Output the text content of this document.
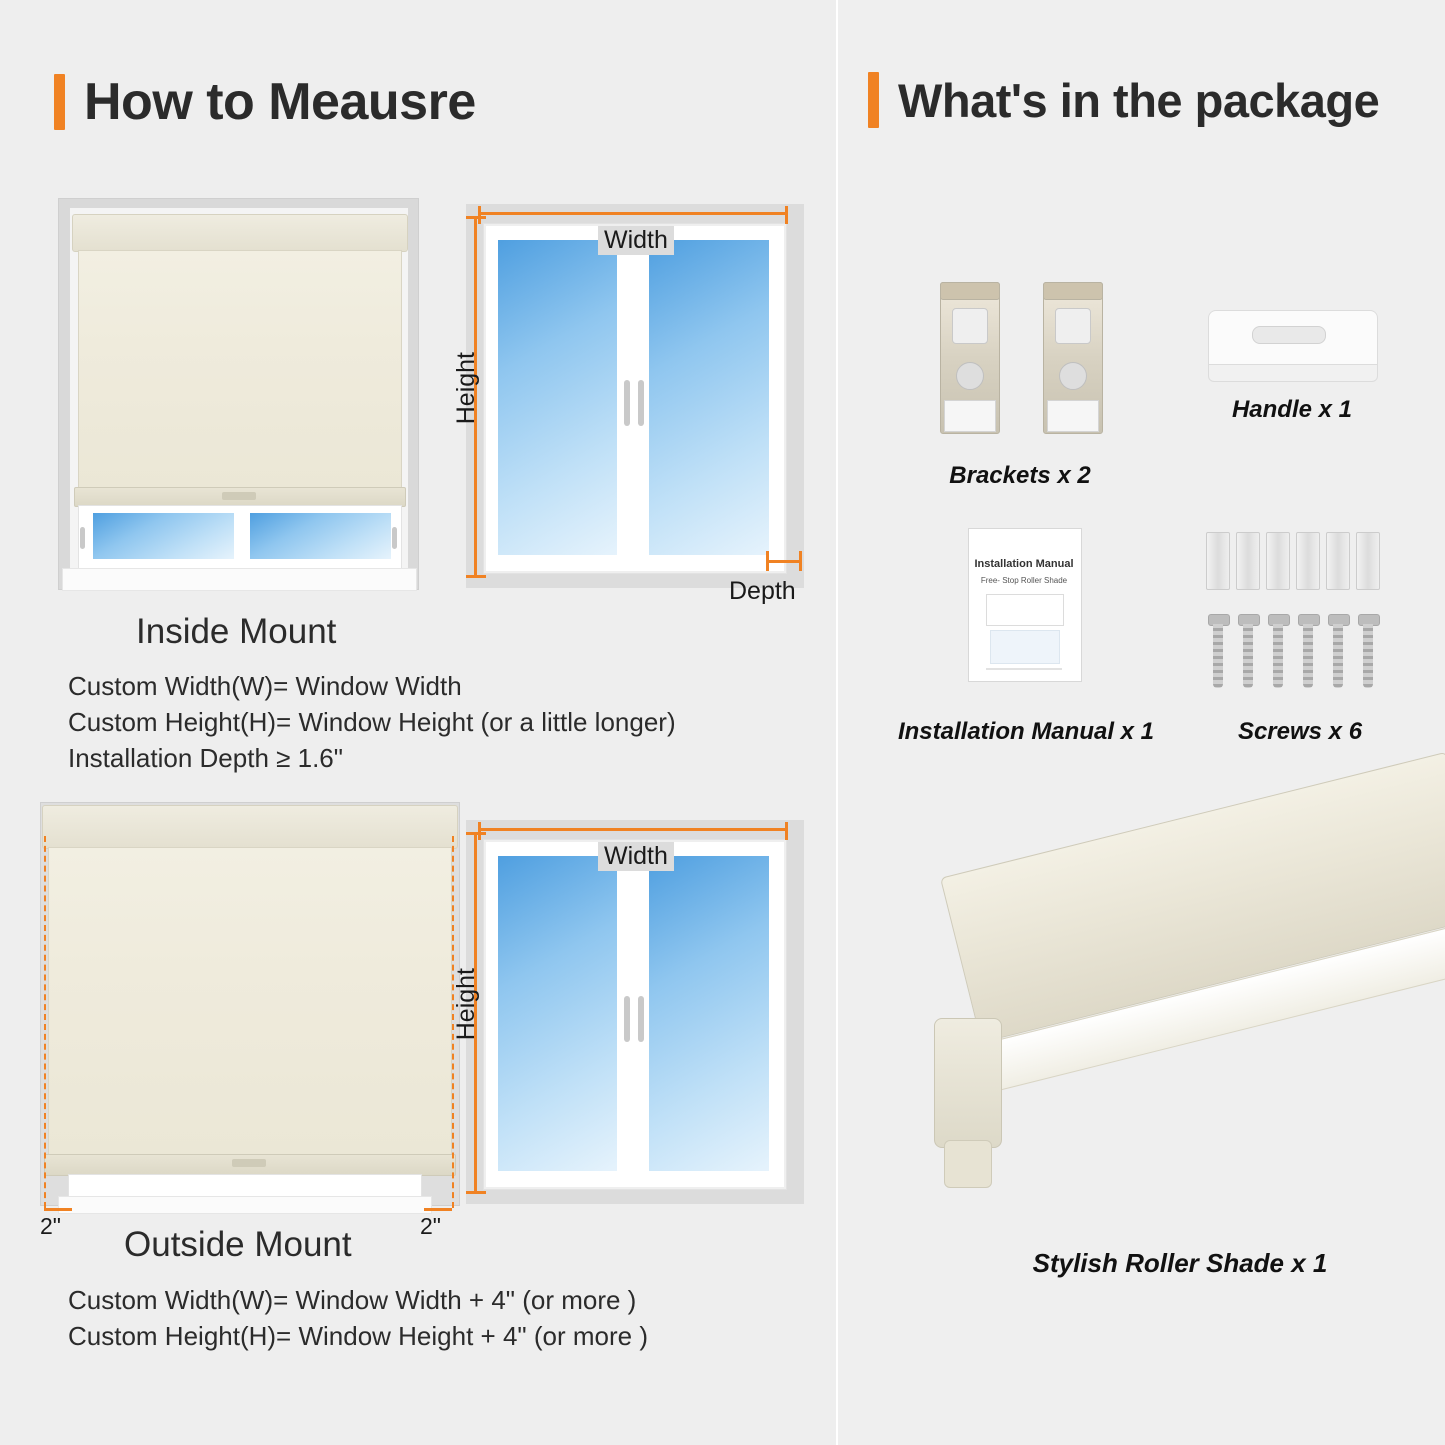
How to Meausre
Width
Height
Depth
Inside Mount
Custom Width(W)= Window Width
Custom Height(H)= Window Height (or a little longer)
Installation Depth ≥ 1.6"
2"	2"
Width
Height
Outside Mount
Custom Width(W)= Window Width + 4" (or more )
Custom Height(H)= Window Height + 4" (or more )
What's in the package
Brackets x 2
Handle x 1
Installation Manual
Free- Stop Roller Shade
Installation Manual x 1	Screws x 6
Stylish Roller Shade x 1
